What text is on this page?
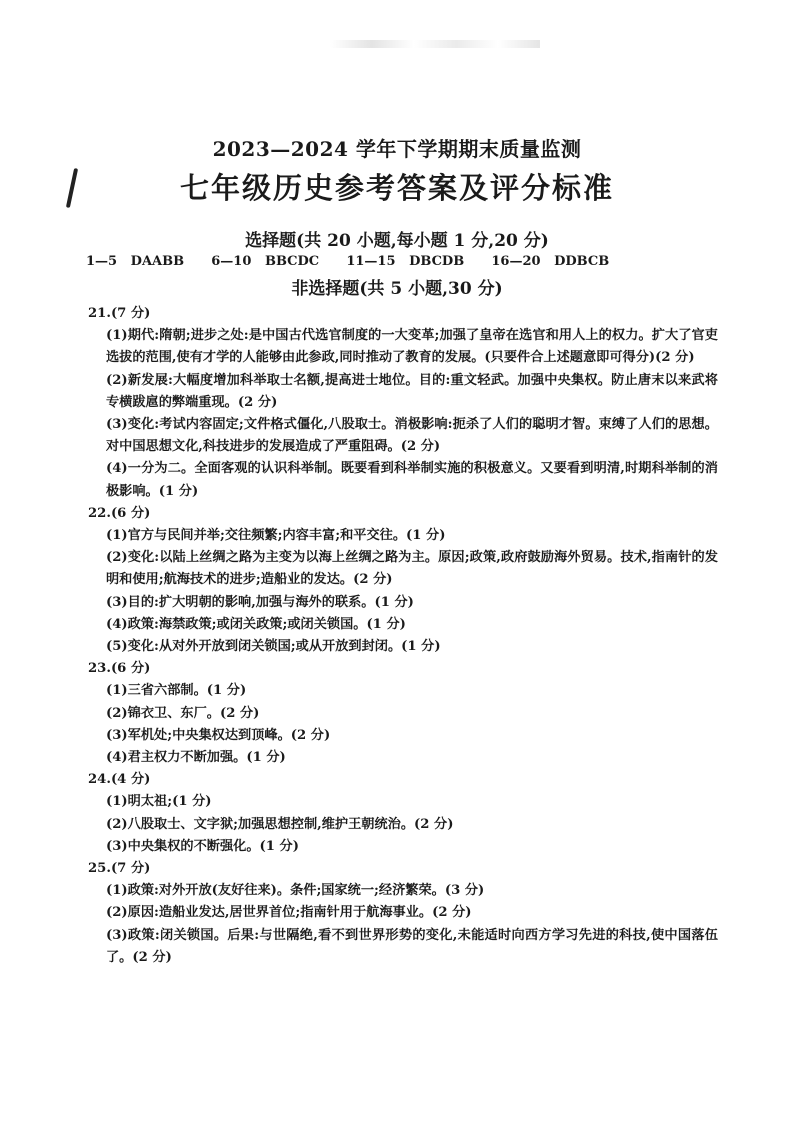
2023—2024 学年下学期期末质量监测
七年级历史参考答案及评分标准
选择题(共 20 小题,每小题 1 分,20 分)
1—5
DAABB
6—10
BBCDC
11—15
DBCDB
16—20
DDBCB
非选择题(共 5 小题,30 分)

21.(7 分)

(1)期代:隋朝;进步之处:是中国古代选官制度的一大变革;加强了皇帝在选官和用人上的权力。扩大了官吏选拔的范围,使有才学的人能够由此参政,同时推动了教育的发展。(只要件合上述题意即可得分)(2 分)

(2)新发展:大幅度增加科举取士名额,提高进士地位。目的:重文轻武。加强中央集权。防止唐末以来武将专横跋扈的弊端重现。(2 分)

(3)变化:考试内容固定;文件格式僵化,八股取士。消极影响:扼杀了人们的聪明才智。束缚了人们的思想。对中国思想文化,科技进步的发展造成了严重阻碍。(2 分)

(4)一分为二。全面客观的认识科举制。既要看到科举制实施的积极意义。又要看到明清,时期科举制的消极影响。(1 分)

22.(6 分)

(1)官方与民间并举;交往频繁;内容丰富;和平交往。(1 分)

(2)变化:以陆上丝绸之路为主变为以海上丝绸之路为主。原因;政策,政府鼓励海外贸易。技术,指南针的发明和使用;航海技术的进步;造船业的发达。(2 分)

(3)目的:扩大明朝的影响,加强与海外的联系。(1 分)

(4)政策:海禁政策;或闭关政策;或闭关锁国。(1 分)

(5)变化:从对外开放到闭关锁国;或从开放到封闭。(1 分)

23.(6 分)

(1)三省六部制。(1 分)

(2)锦衣卫、东厂。(2 分)

(3)军机处;中央集权达到顶峰。(2 分)

(4)君主权力不断加强。(1 分)

24.(4 分)

(1)明太祖;(1 分)

(2)八股取士、文字狱;加强思想控制,维护王朝统治。(2 分)

(3)中央集权的不断强化。(1 分)

25.(7 分)

(1)政策:对外开放(友好往来)。条件;国家统一;经济繁荣。(3 分)

(2)原因:造船业发达,居世界首位;指南针用于航海事业。(2 分)

(3)政策:闭关锁国。后果:与世隔绝,看不到世界形势的变化,未能适时向西方学习先进的科技,使中国落伍了。(2 分)
